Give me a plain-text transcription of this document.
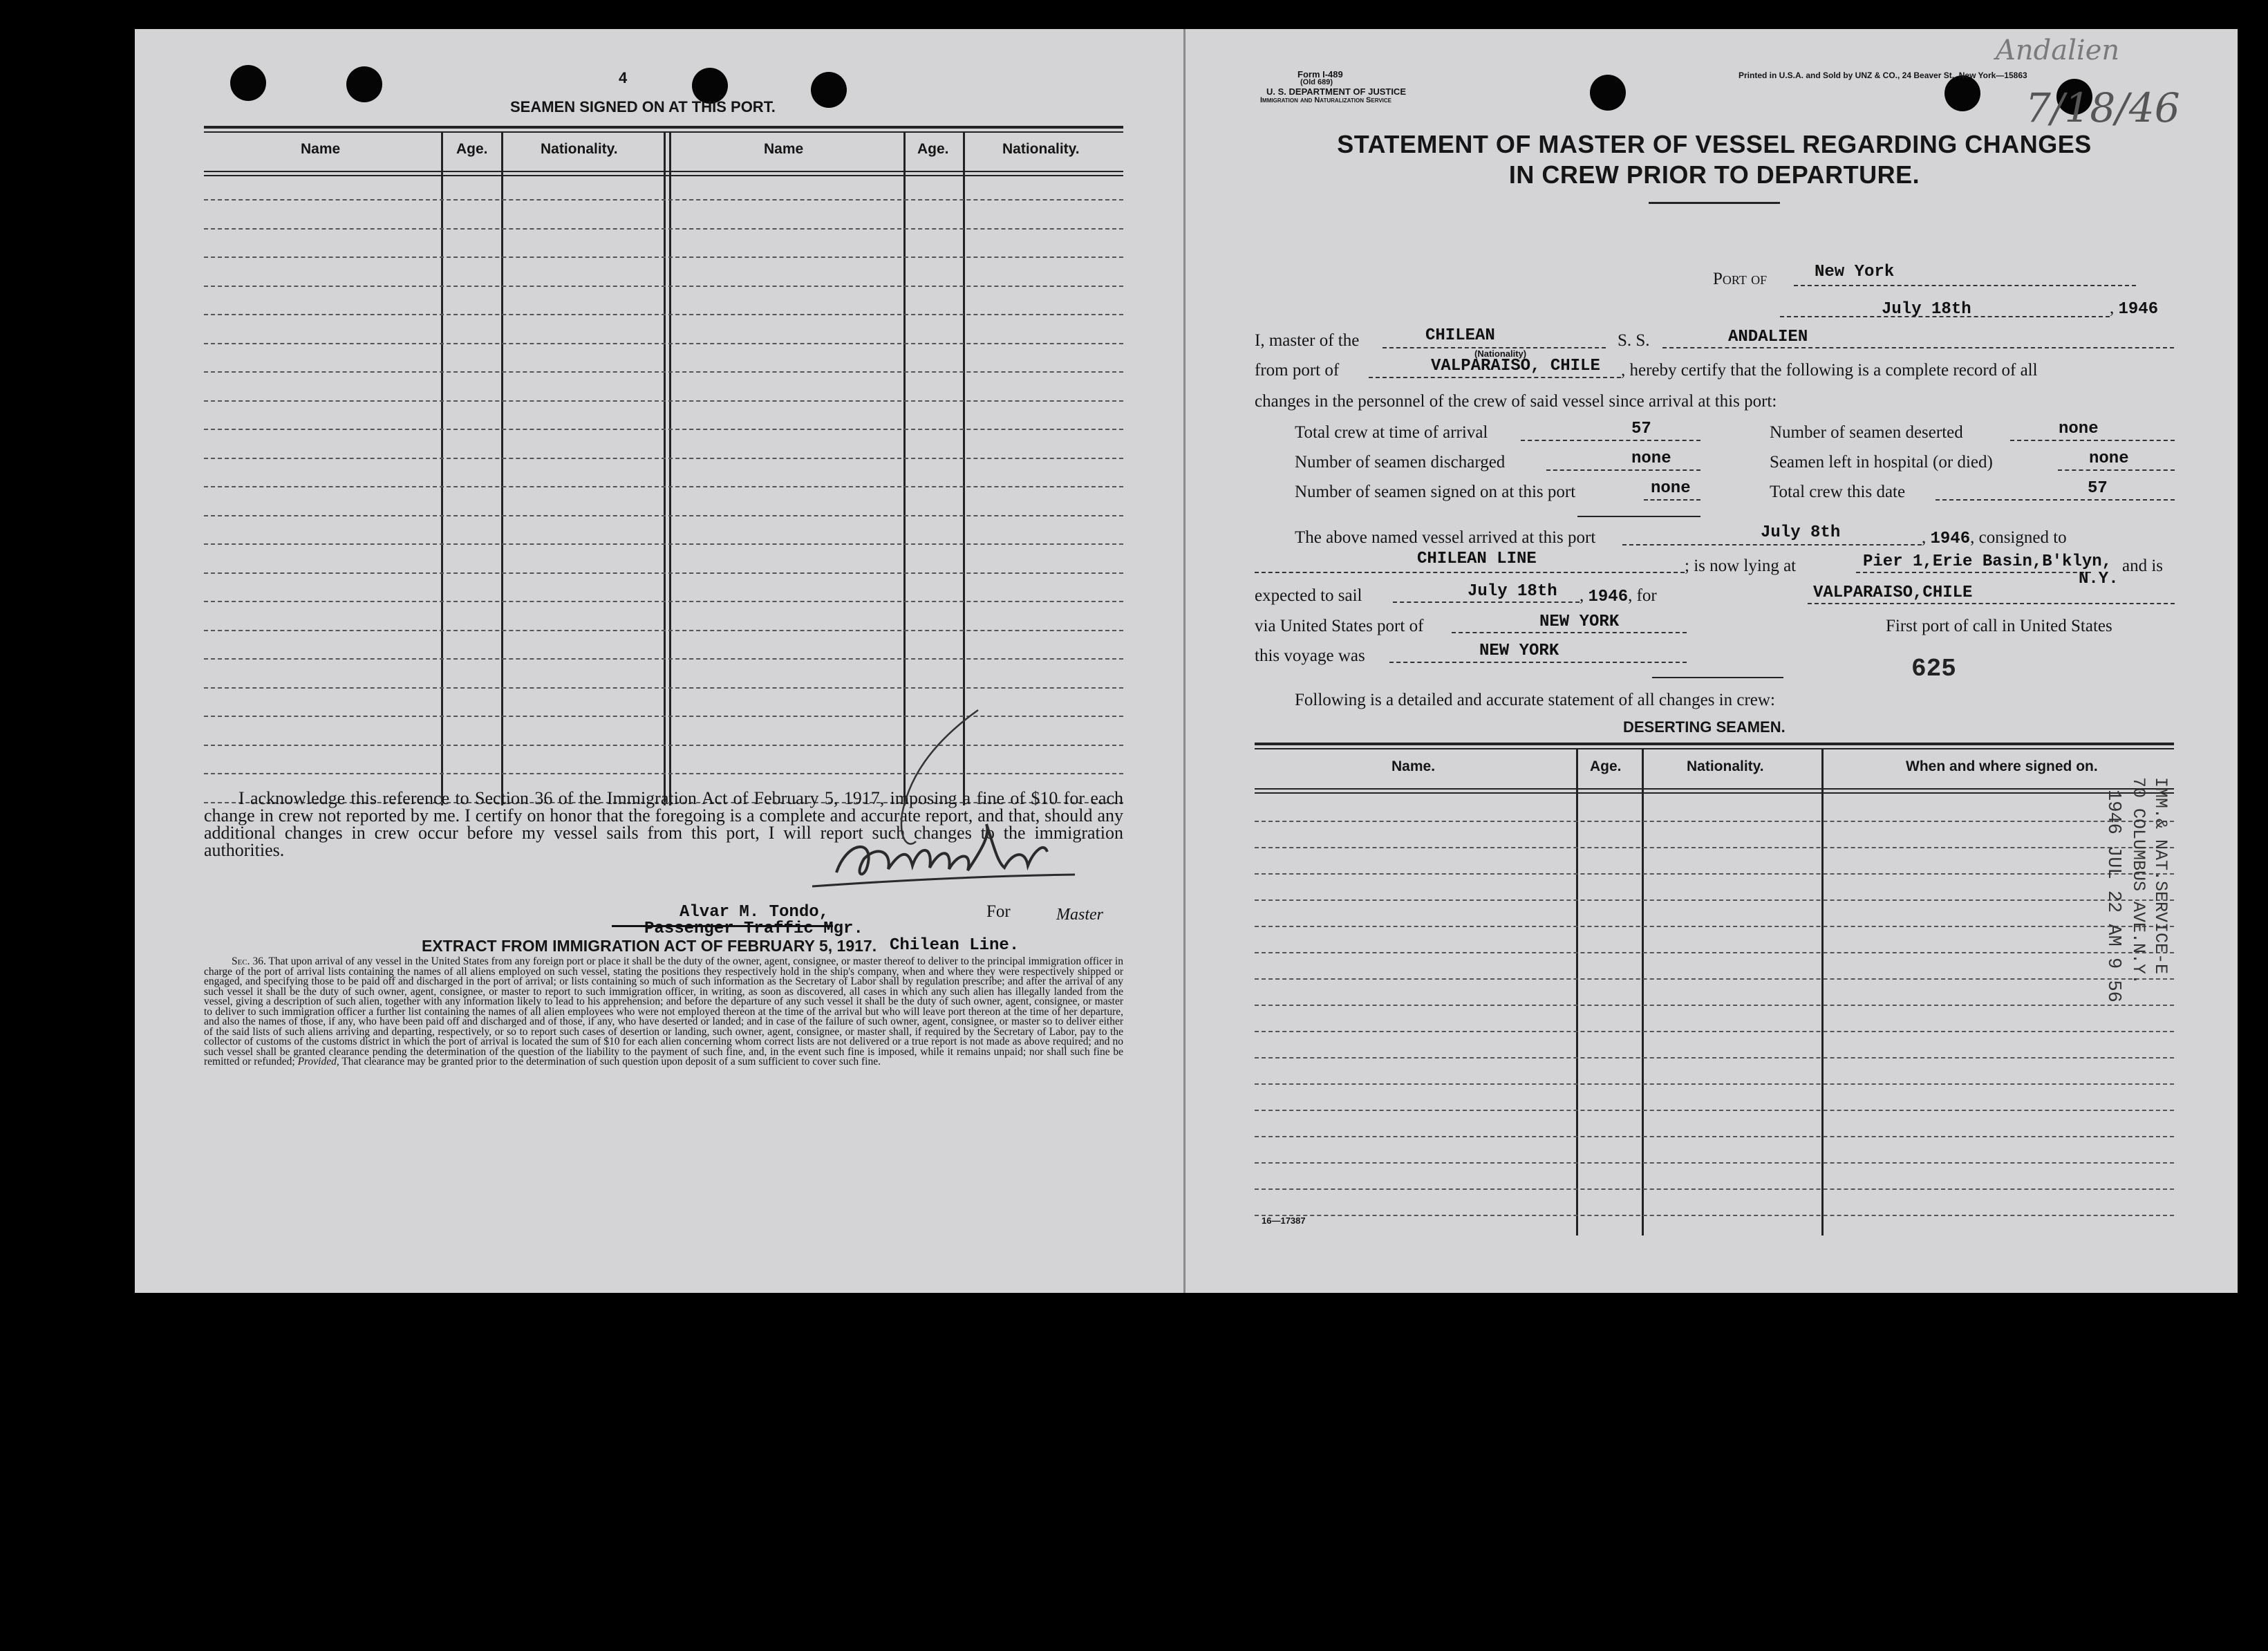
4
SEAMEN SIGNED ON AT THIS PORT.
Name	Age.	Nationality.	Name	Age.	Nationality.
I acknowledge this reference to Section 36 of the Immigration Act of February 5, 1917, imposing a fine of $10 for each change in crew not reported by me. I certify on honor that the foregoing is a complete and accurate report, and that, should any additional changes in crew occur before my vessel sails from this port, I will report such changes to the immigration authorities.
Alvar M. Tondo,
Passenger Traffic Mgr.
For	Master
EXTRACT FROM IMMIGRATION ACT OF FEBRUARY 5, 1917. Chilean Line.
Sec. 36. That upon arrival of any vessel in the United States from any foreign port or place it shall be the duty of the owner, agent, consignee, or master thereof to deliver to the principal immigration officer in charge of the port of arrival lists containing the names of all aliens employed on such vessel, stating the positions they respectively hold in the ship's company, when and where they were respectively shipped or engaged, and specifying those to be paid off and discharged in the port of arrival; or lists containing so much of such information as the Secretary of Labor shall by regulation prescribe; and after the arrival of any such vessel it shall be the duty of such owner, agent, consignee, or master to report to such immigration officer, in writing, as soon as discovered, all cases in which any such alien has illegally landed from the vessel, giving a description of such alien, together with any information likely to lead to his apprehension; and before the departure of any such vessel it shall be the duty of such owner, agent, consignee, or master to deliver to such immigration officer a further list containing the names of all alien employees who were not employed thereon at the time of the arrival but who will leave port thereon at the time of her departure, and also the names of those, if any, who have been paid off and discharged and of those, if any, who have deserted or landed; and in case of the failure of such owner, agent, consignee, or master so to deliver either of the said lists of such aliens arriving and departing, respectively, or so to report such cases of desertion or landing, such owner, agent, consignee, or master shall, if required by the Secretary of Labor, pay to the collector of customs of the customs district in which the port of arrival is located the sum of $10 for each alien concerning whom correct lists are not delivered or a true report is not made as above required; and no such vessel shall be granted clearance pending the determination of the question of the liability to the payment of such fine, and, in the event such fine is imposed, while it remains unpaid; nor shall such fine be remitted or refunded; Provided, That clearance may be granted prior to the determination of such question upon deposit of a sum sufficient to cover such fine.
Form I-489
(Old 689)
U. S. DEPARTMENT OF JUSTICE
Immigration and Naturalization Service
Printed in U.S.A. and Sold by UNZ & CO., 24 Beaver St., New York—15863
Andalien
7/18/46
STATEMENT OF MASTER OF VESSEL REGARDING CHANGES
IN CREW PRIOR TO DEPARTURE.
Port of	New York
July 18th	, 1946
I, master of the	CHILEAN
(Nationality)
S. S.	ANDALIEN
from port of	VALPARAISO, CHILE , hereby certify that the following is a complete record of all
changes in the personnel of the crew of said vessel since arrival at this port:
Total crew at time of arrival	57	Number of seamen deserted	none
Number of seamen discharged	none	Seamen left in hospital (or died)	none
Number of seamen signed on at this port	none	Total crew this date	57
The above named vessel arrived at this port	July 8th	, 1946, consigned to
CHILEAN LINE	; is now lying at	Pier 1,Erie Basin,B'klyn, and is
expected to sail	July 18th , 1946, for	VALPARAISO,CHILE
N.Y.
via United States port of	NEW YORK	First port of call in United States
this voyage was	NEW YORK
625
Following is a detailed and accurate statement of all changes in crew:
DESERTING SEAMEN.
Name.	Age.	Nationality.	When and where signed on.
1946 JUL 22 AM 9 56 IMM.& NAT.SERVICE-E
70 COLUMBUS AVE.N.Y.
16—17387
